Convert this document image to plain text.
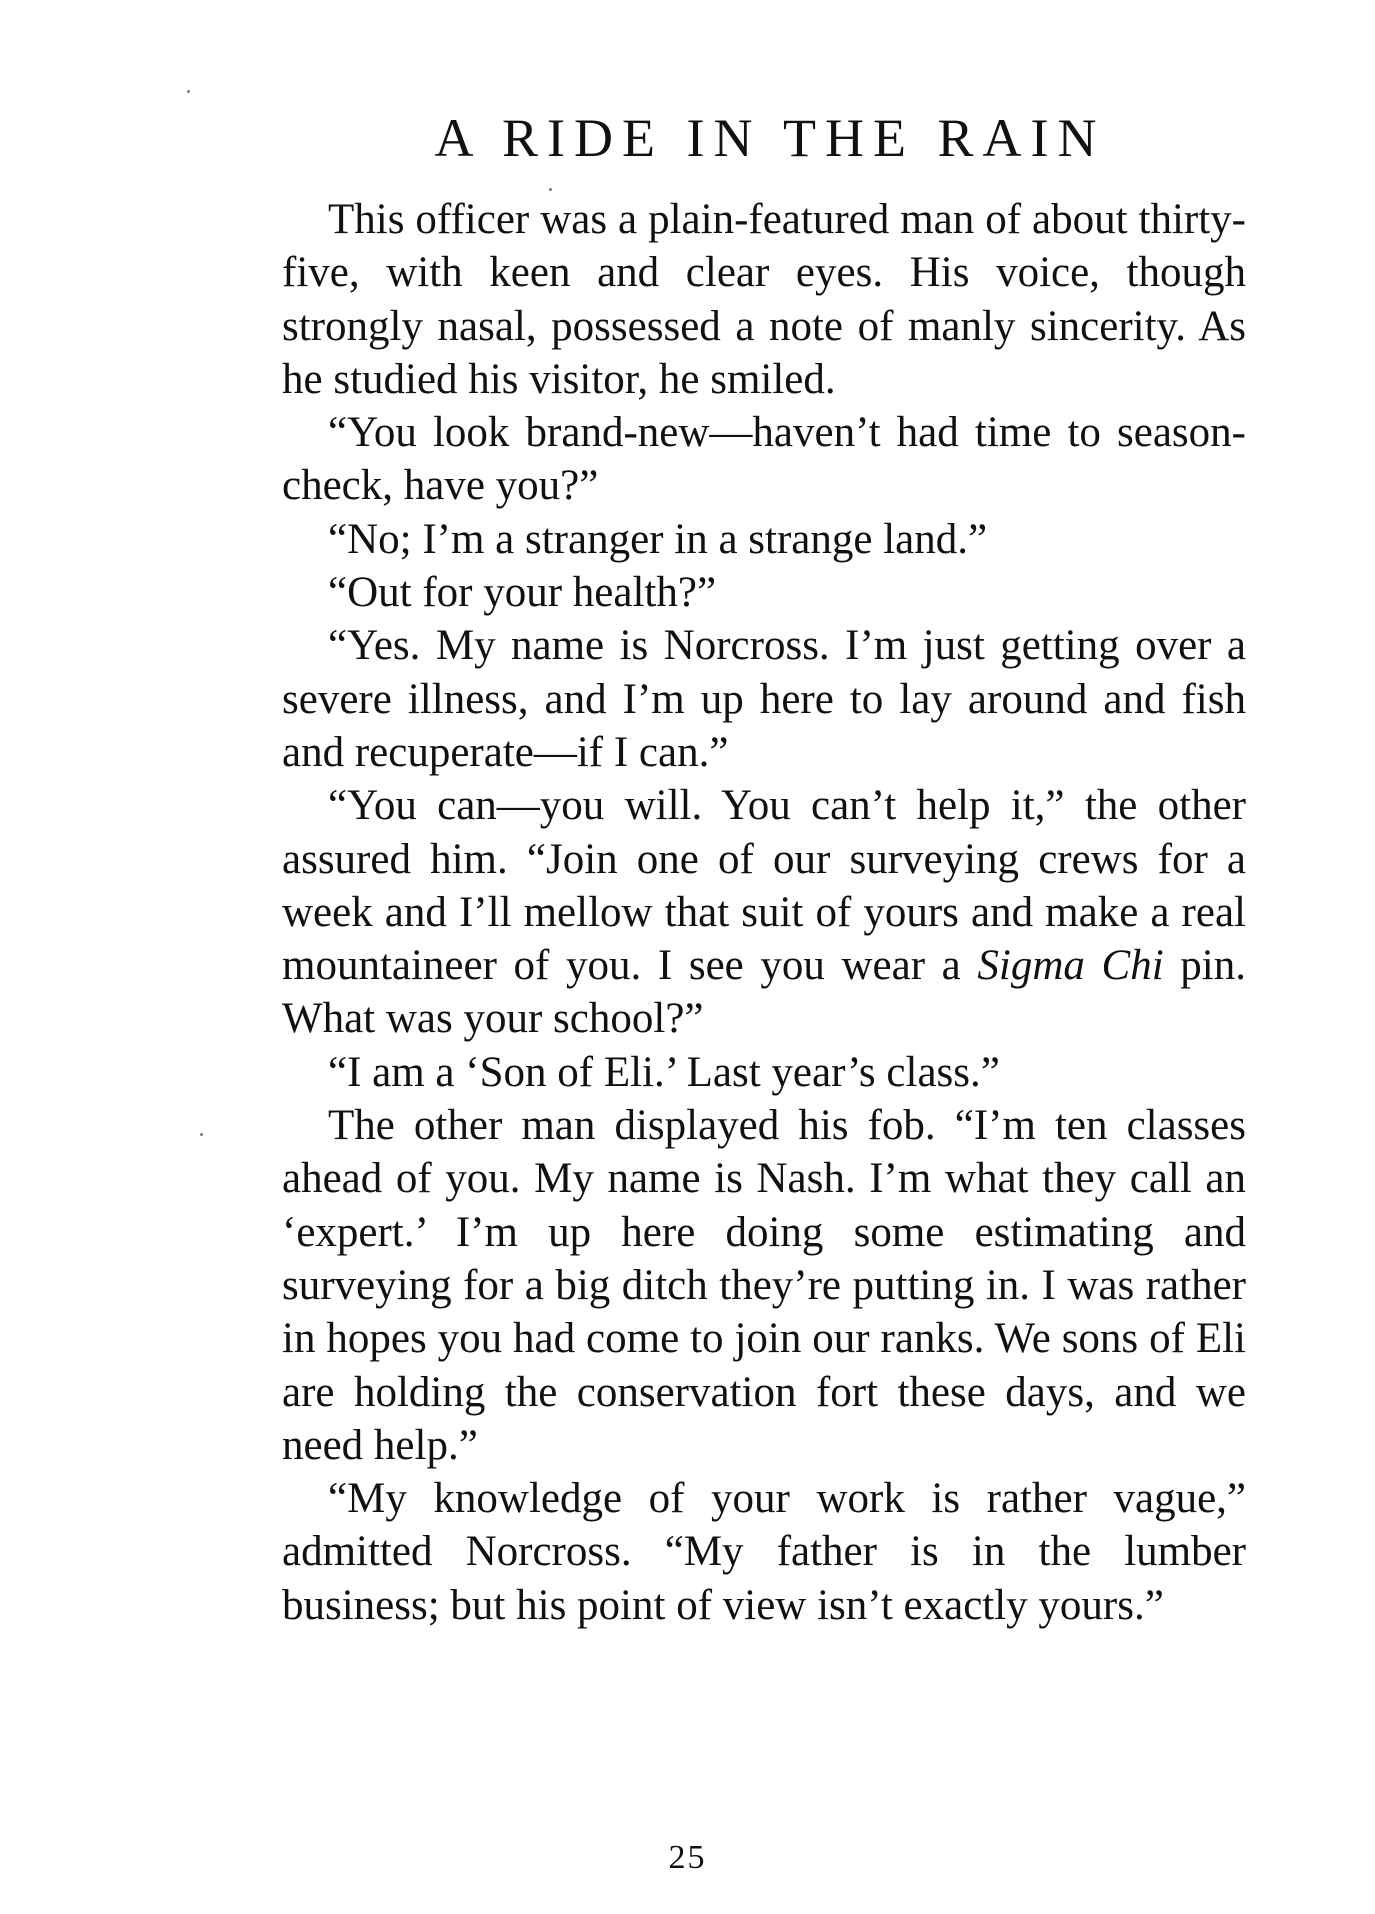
A RIDE IN THE RAIN

This officer was a plain-featured man of about thirty-five, with keen and clear eyes. His voice, though strongly nasal, possessed a note of manly sincerity. As he studied his visitor, he smiled.

“You look brand-new—haven’t had time to season-check, have you?”

“No; I’m a stranger in a strange land.”

“Out for your health?”

“Yes. My name is Norcross. I’m just getting over a severe illness, and I’m up here to lay around and fish and recuperate—if I can.”

“You can—you will. You can’t help it,” the other assured him. “Join one of our surveying crews for a week and I’ll mellow that suit of yours and make a real mountaineer of you. I see you wear a Sigma Chi pin. What was your school?”

“I am a ‘Son of Eli.’ Last year’s class.”

The other man displayed his fob. “I’m ten classes ahead of you. My name is Nash. I’m what they call an ‘expert.’ I’m up here doing some estimating and surveying for a big ditch they’re putting in. I was rather in hopes you had come to join our ranks. We sons of Eli are holding the conservation fort these days, and we need help.”

“My knowledge of your work is rather vague,” admitted Norcross. “My father is in the lumber business; but his point of view isn’t exactly yours.”

25
